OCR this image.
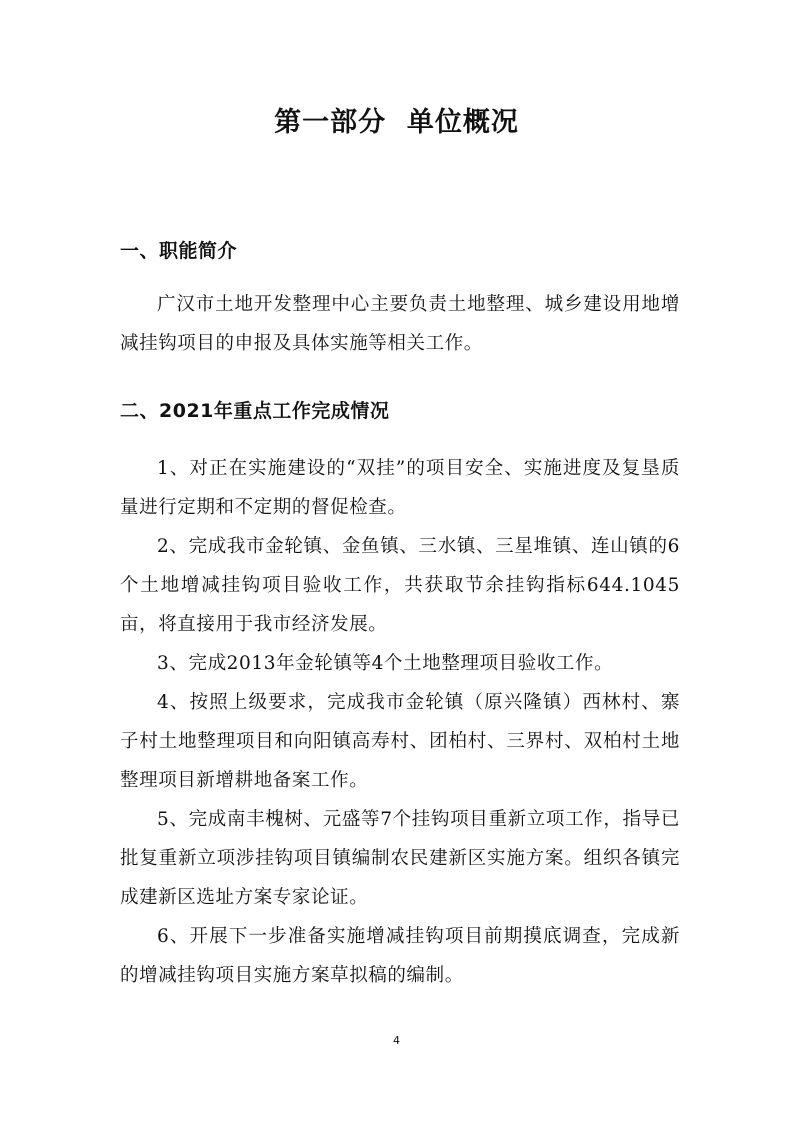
第一部分  单位概况
一、职能简介

广汉市土地开发整理中心主要负责土地整理、城乡建设用地增减挂钩项目的申报及具体实施等相关工作。

二、2021年重点工作完成情况

1、对正在实施建设的“双挂”的项目安全、实施进度及复垦质量进行定期和不定期的督促检查。

2、完成我市金轮镇、金鱼镇、三水镇、三星堆镇、连山镇的6个土地增减挂钩项目验收工作，共获取节余挂钩指标644.1045亩，将直接用于我市经济发展。

3、完成2013年金轮镇等4个土地整理项目验收工作。

4、按照上级要求，完成我市金轮镇（原兴隆镇）西林村、寨子村土地整理项目和向阳镇高寿村、团柏村、三界村、双柏村土地整理项目新增耕地备案工作。

5、完成南丰槐树、元盛等7个挂钩项目重新立项工作，指导已批复重新立项涉挂钩项目镇编制农民建新区实施方案。组织各镇完成建新区选址方案专家论证。

6、开展下一步准备实施增减挂钩项目前期摸底调查，完成新的增减挂钩项目实施方案草拟稿的编制。

4
